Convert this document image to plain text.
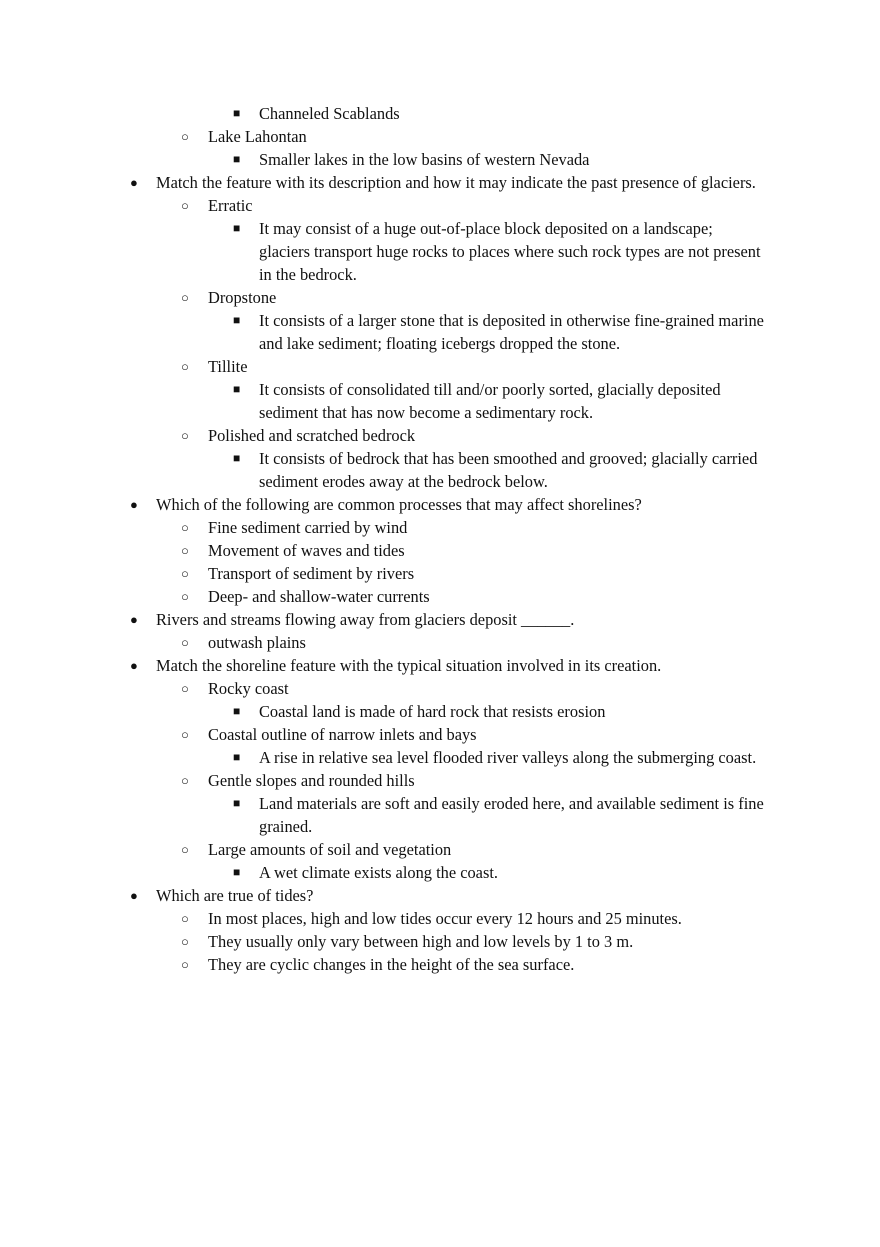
■ Channeled Scablands
○ Lake Lahontan
■ Smaller lakes in the low basins of western Nevada
● Match the feature with its description and how it may indicate the past presence of glaciers.
○ Erratic
■ It may consist of a huge out-of-place block deposited on a landscape; glaciers transport huge rocks to places where such rock types are not present in the bedrock.
○ Dropstone
■ It consists of a larger stone that is deposited in otherwise fine-grained marine and lake sediment; floating icebergs dropped the stone.
○ Tillite
■ It consists of consolidated till and/or poorly sorted, glacially deposited sediment that has now become a sedimentary rock.
○ Polished and scratched bedrock
■ It consists of bedrock that has been smoothed and grooved; glacially carried sediment erodes away at the bedrock below.
● Which of the following are common processes that may affect shorelines?
○ Fine sediment carried by wind
○ Movement of waves and tides
○ Transport of sediment by rivers
○ Deep- and shallow-water currents
● Rivers and streams flowing away from glaciers deposit ______.
○ outwash plains
● Match the shoreline feature with the typical situation involved in its creation.
○ Rocky coast
■ Coastal land is made of hard rock that resists erosion
○ Coastal outline of narrow inlets and bays
■ A rise in relative sea level flooded river valleys along the submerging coast.
○ Gentle slopes and rounded hills
■ Land materials are soft and easily eroded here, and available sediment is fine grained.
○ Large amounts of soil and vegetation
■ A wet climate exists along the coast.
● Which are true of tides?
○ In most places, high and low tides occur every 12 hours and 25 minutes.
○ They usually only vary between high and low levels by 1 to 3 m.
○ They are cyclic changes in the height of the sea surface.
